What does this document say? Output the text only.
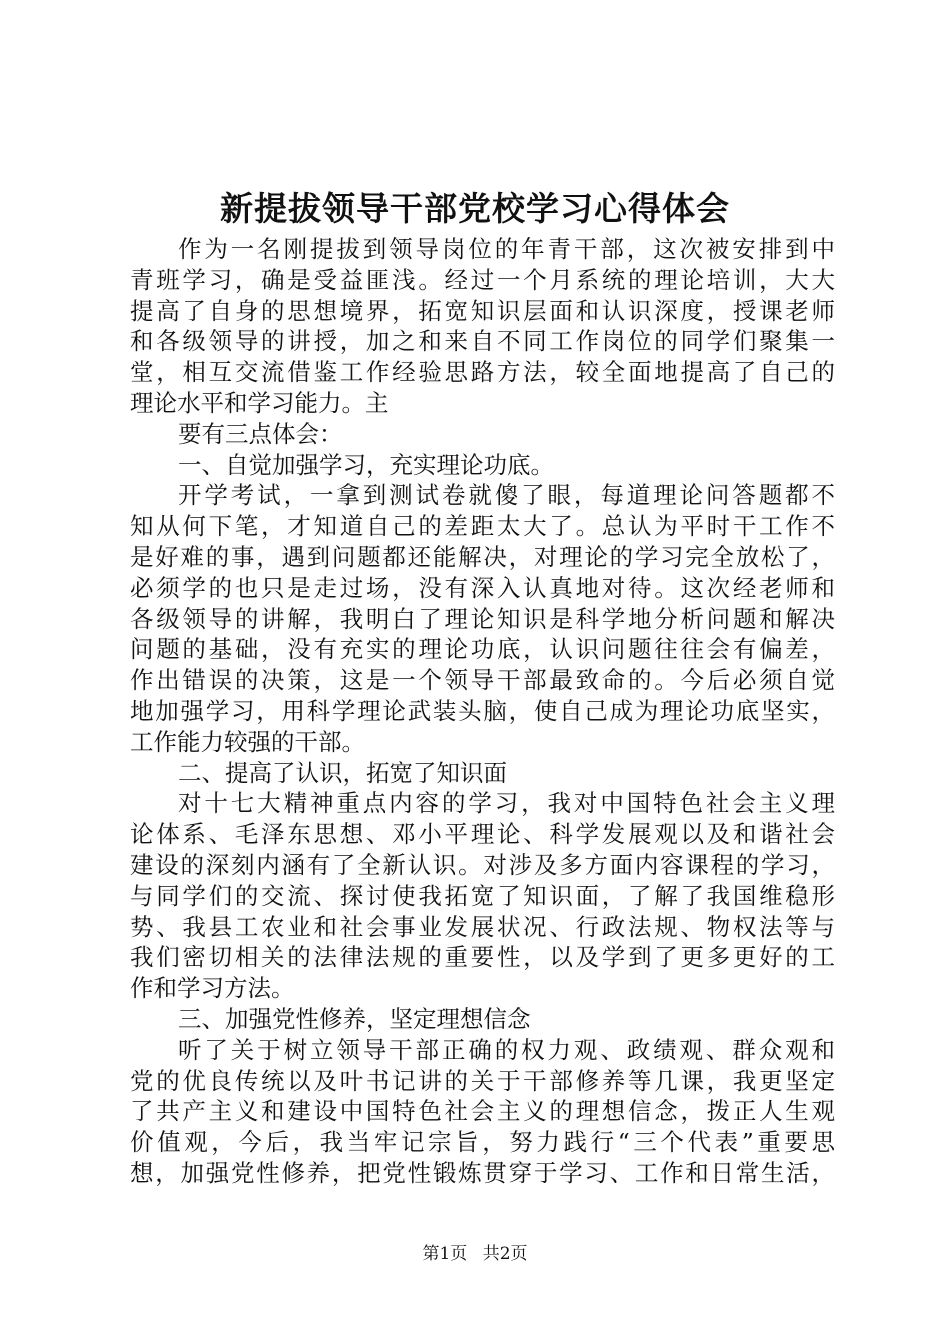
新提拔领导干部党校学习心得体会
作为一名刚提拔到领导岗位的年青干部，这次被安排到中
青班学习，确是受益匪浅。经过一个月系统的理论培训，大大
提高了自身的思想境界，拓宽知识层面和认识深度，授课老师
和各级领导的讲授，加之和来自不同工作岗位的同学们聚集一
堂，相互交流借鉴工作经验思路方法，较全面地提高了自己的
理论水平和学习能力。主
要有三点体会：
一、自觉加强学习，充实理论功底。
开学考试，一拿到测试卷就傻了眼，每道理论问答题都不
知从何下笔，才知道自己的差距太大了。总认为平时干工作不
是好难的事，遇到问题都还能解决，对理论的学习完全放松了，
必须学的也只是走过场，没有深入认真地对待。这次经老师和
各级领导的讲解，我明白了理论知识是科学地分析问题和解决
问题的基础，没有充实的理论功底，认识问题往往会有偏差，
作出错误的决策，这是一个领导干部最致命的。今后必须自觉
地加强学习，用科学理论武装头脑，使自己成为理论功底坚实，
工作能力较强的干部。
二、提高了认识，拓宽了知识面
对十七大精神重点内容的学习，我对中国特色社会主义理
论体系、毛泽东思想、邓小平理论、科学发展观以及和谐社会
建设的深刻内涵有了全新认识。对涉及多方面内容课程的学习，
与同学们的交流、探讨使我拓宽了知识面，了解了我国维稳形
势、我县工农业和社会事业发展状况、行政法规、物权法等与
我们密切相关的法律法规的重要性，以及学到了更多更好的工
作和学习方法。
三、加强党性修养，坚定理想信念
听了关于树立领导干部正确的权力观、政绩观、群众观和
党的优良传统以及叶书记讲的关于干部修养等几课，我更坚定
了共产主义和建设中国特色社会主义的理想信念，拨正人生观
价值观，今后，我当牢记宗旨，努力践行“三个代表”重要思
想，加强党性修养，把党性锻炼贯穿于学习、工作和日常生活，
第1页 共2页
